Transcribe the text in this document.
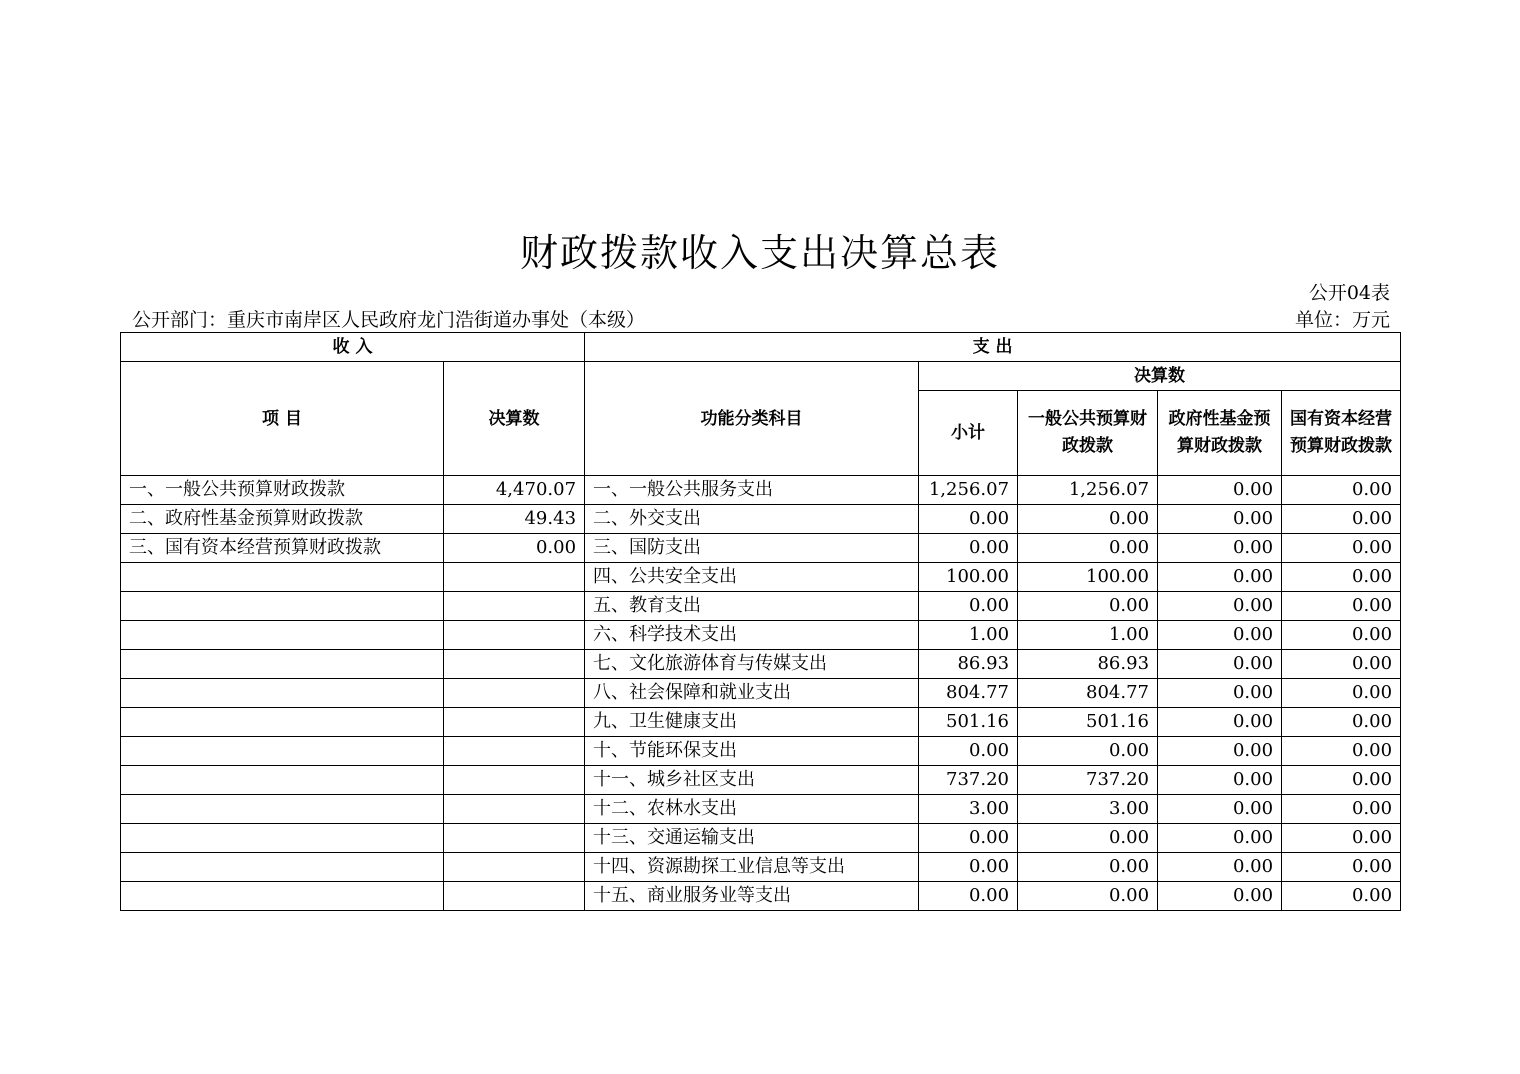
财政拨款收入支出决算总表
公开04表
公开部门：重庆市南岸区人民政府龙门浩街道办事处（本级）	单位：万元
收 入		支 出				
项 目	决算数	功能分类科目	决算数			
			小计	一般公共预算财政拨款	政府性基金预算财政拨款	国有资本经营预算财政拨款
一、一般公共预算财政拨款	4,470.07	一、一般公共服务支出	1,256.07	1,256.07	0.00	0.00
二、政府性基金预算财政拨款	49.43	二、外交支出	0.00	0.00	0.00	0.00
三、国有资本经营预算财政拨款	0.00	三、国防支出	0.00	0.00	0.00	0.00
		四、公共安全支出	100.00	100.00	0.00	0.00
		五、教育支出	0.00	0.00	0.00	0.00
		六、科学技术支出	1.00	1.00	0.00	0.00
		七、文化旅游体育与传媒支出	86.93	86.93	0.00	0.00
		八、社会保障和就业支出	804.77	804.77	0.00	0.00
		九、卫生健康支出	501.16	501.16	0.00	0.00
		十、节能环保支出	0.00	0.00	0.00	0.00
		十一、城乡社区支出	737.20	737.20	0.00	0.00
		十二、农林水支出	3.00	3.00	0.00	0.00
		十三、交通运输支出	0.00	0.00	0.00	0.00
		十四、资源勘探工业信息等支出	0.00	0.00	0.00	0.00
		十五、商业服务业等支出	0.00	0.00	0.00	0.00
